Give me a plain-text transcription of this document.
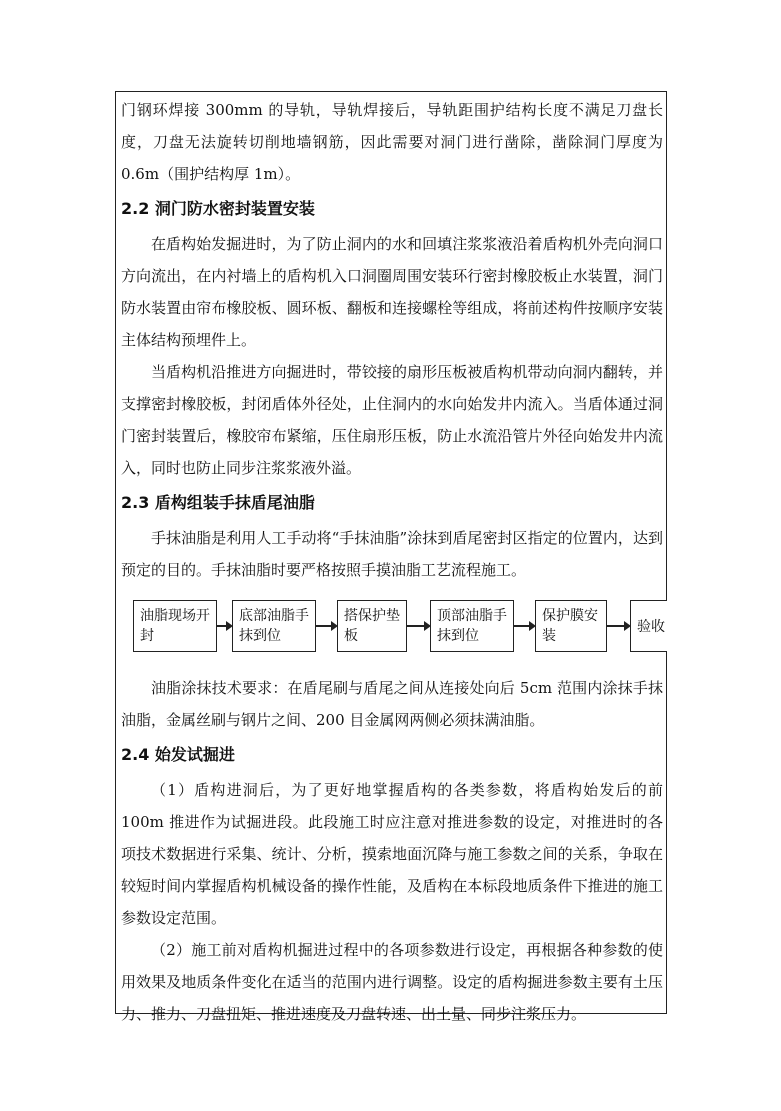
门钢环焊接 300mm 的导轨，导轨焊接后，导轨距围护结构长度不满足刀盘长度，刀盘无法旋转切削地墙钢筋，因此需要对洞门进行凿除，凿除洞门厚度为 0.6m（围护结构厚 1m）。

2.2 洞门防水密封装置安装

在盾构始发掘进时，为了防止洞内的水和回填注浆浆液沿着盾构机外壳向洞口方向流出，在内衬墙上的盾构机入口洞圈周围安装环行密封橡胶板止水装置，洞门防水装置由帘布橡胶板、圆环板、翻板和连接螺栓等组成，将前述构件按顺序安装主体结构预埋件上。

当盾构机沿推进方向掘进时，带铰接的扇形压板被盾构机带动向洞内翻转，并支撑密封橡胶板，封闭盾体外径处，止住洞内的水向始发井内流入。当盾体通过洞门密封装置后，橡胶帘布紧缩，压住扇形压板，防止水流沿管片外径向始发井内流入，同时也防止同步注浆浆液外溢。

2.3 盾构组装手抹盾尾油脂

手抹油脂是利用人工手动将“手抹油脂”涂抹到盾尾密封区指定的位置内，达到预定的目的。手抹油脂时要严格按照手摸油脂工艺流程施工。

油脂现场开封
底部油脂手抹到位
搭保护垫板
顶部油脂手抹到位
保护膜安装
验收

油脂涂抹技术要求：在盾尾刷与盾尾之间从连接处向后 5cm 范围内涂抹手抹油脂，金属丝刷与钢片之间、200 目金属网两侧必须抹满油脂。

2.4 始发试掘进

（1）盾构进洞后，为了更好地掌握盾构的各类参数，将盾构始发后的前 100m 推进作为试掘进段。此段施工时应注意对推进参数的设定，对推进时的各项技术数据进行采集、统计、分析，摸索地面沉降与施工参数之间的关系，争取在较短时间内掌握盾构机械设备的操作性能，及盾构在本标段地质条件下推进的施工参数设定范围。

（2）施工前对盾构机掘进过程中的各项参数进行设定，再根据各种参数的使用效果及地质条件变化在适当的范围内进行调整。设定的盾构掘进参数主要有土压力、推力、刀盘扭矩、推进速度及刀盘转速、出土量、同步注浆压力。
